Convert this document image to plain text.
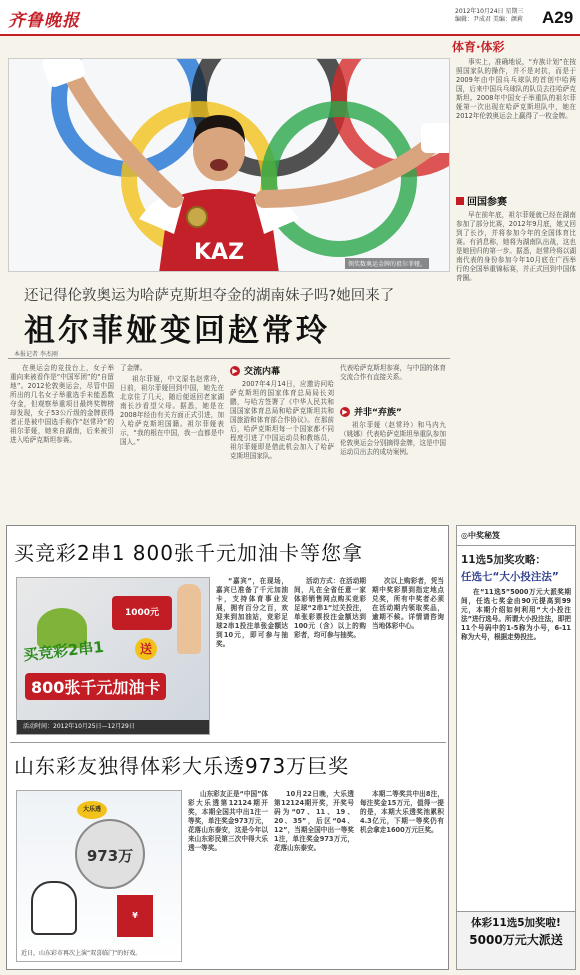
齐鲁晚报	2012年10月24日 星期三
编辑：尹成君 美编：颜莉 A29
体育·体彩
KAZ	领奖数奥运金牌的祖尔菲娅。
还记得伦敦奥运为哈萨克斯坦夺金的湖南妹子吗?她回来了
祖尔菲娅变回赵常玲
本报记者 李杰刚

在奥运会的竞技台上，女子举重向来被看作是“中国军团”的“自留地”。2012伦敦奥运会，尽管中国所出的几名女子举重选手未能悉数夺金，但观察举重项目最终奖牌榜却发现，女子53公斤级的金牌获得者正是被中国选手称作“赵常玲”的祖尔菲娅，她来自湖南，后来被引进入哈萨克斯坦参赛。

了金牌。

祖尔菲娅，中文原名赵常玲，日前，祖尔菲娅回到中国，她先在北京住了几天，随后便返回老家湖南长沙看望父母。据悉，她是在2008年经由有关方面正式引进，加入哈萨克斯坦国籍。祖尔菲娅表示，“我的根在中国，我一直都是中国人。”

▶ 交流内幕

2007年4月14日，应邀访问哈萨克斯坦的国家体育总局局长刘鹏，与哈方签署了《中华人民共和国国家体育总局和哈萨克斯坦共和国旅游和体育部合作协议》。在那前后，哈萨克斯坦每一个国家都不同程度引进了中国运动员和教练员，祖尔菲娅即是借此机会加入了哈萨克斯坦国家队。

代表哈萨克斯坦参赛，与中国的体育交流合作有直接关系。

▶ 并非“弃族”

祖尔菲娅（赵常玲）和马内九（姚娜）代表哈萨克斯坦举重队参加伦敦奥运会分别摘得金牌，这是中国运动员出去的成功案例。

事实上，准确地说，“弃族计划”在按照国家队的操作，并不是对抗，而是于2009年由中国兵乓球队的首创中哈两国，后来中国兵乓球队的队员去往哈萨克斯坦。2008年中国女子举重队的祖尔菲娅第一次出现在哈萨克斯坦队中，她在2012年伦敦奥运会上赢得了一枚金牌。

回国参赛

早在前年底，祖尔菲娅就已经在湖南参加了部分比赛，2012年9月底，她又回到了长沙，并将参加今年的全国体育比赛。有消息称，她将为湖南队出战，这也是她回归的第一步。据悉，赵常玲将以湖南代表的身份参加今年10月底在广西举行的全国举重锦标赛，并正式回到中国体育圈。

买竞彩2串1 800张千元加油卡等您拿
1000元
买竞彩2串1	送
800张千元加油卡
活动时间：2012年10月25日—12月29日

“嘉宾”，在现场，嘉宾已准备了千元加油卡，支持体育事业发展，拥有百分之百，欢迎来到加油站，竞彩足球2串1投注单张金额达到10元，即可参与抽奖。

活动方式：在活动期间，凡在全省任意一家体彩销售网点购买竞彩足球“2串1”过关投注，单张彩票投注金额达到100元（含）以上的购彩者，均可参与抽奖。

次以上购彩者，凭当期中奖彩票到指定地点兑奖，所有中奖者必须在活动期内领取奖品，逾期不候。详情请咨询当地体彩中心。

山东彩友独得体彩大乐透973万巨奖
973万
大乐透
¥
近日，山东彩市再次上演“双喜临门”的好戏。

山东彩友正是“中国”体彩大乐透第12124期开奖，本期全国共中出1注一等奖，单注奖金973万元，花落山东泰安，这是今年以来山东彩民第三次中得大乐透一等奖。

10月22日晚，大乐透第12124期开奖，开奖号码为“07、11、19、20、35”，后区“04、12”，当期全国中出一等奖1注，单注奖金973万元，花落山东泰安。

本期二等奖共中出8注，每注奖金15万元，值得一提的是，本期大乐透奖池累积4.3亿元，下期一等奖仍有机会拿走1600万元巨奖。

◎中奖秘笈
11选5加奖攻略：
任选七“大小投注法”

在“11选5”5000万元大派奖期间，任选七奖金由90元提高到99元，本期介绍如何利用“大小投注法”进行选号。所谓大小投注法，即把11个号码中的1-5称为小号，6-11称为大号，根据走势投注。

体彩11选5加奖啦!
5000万元大派送
